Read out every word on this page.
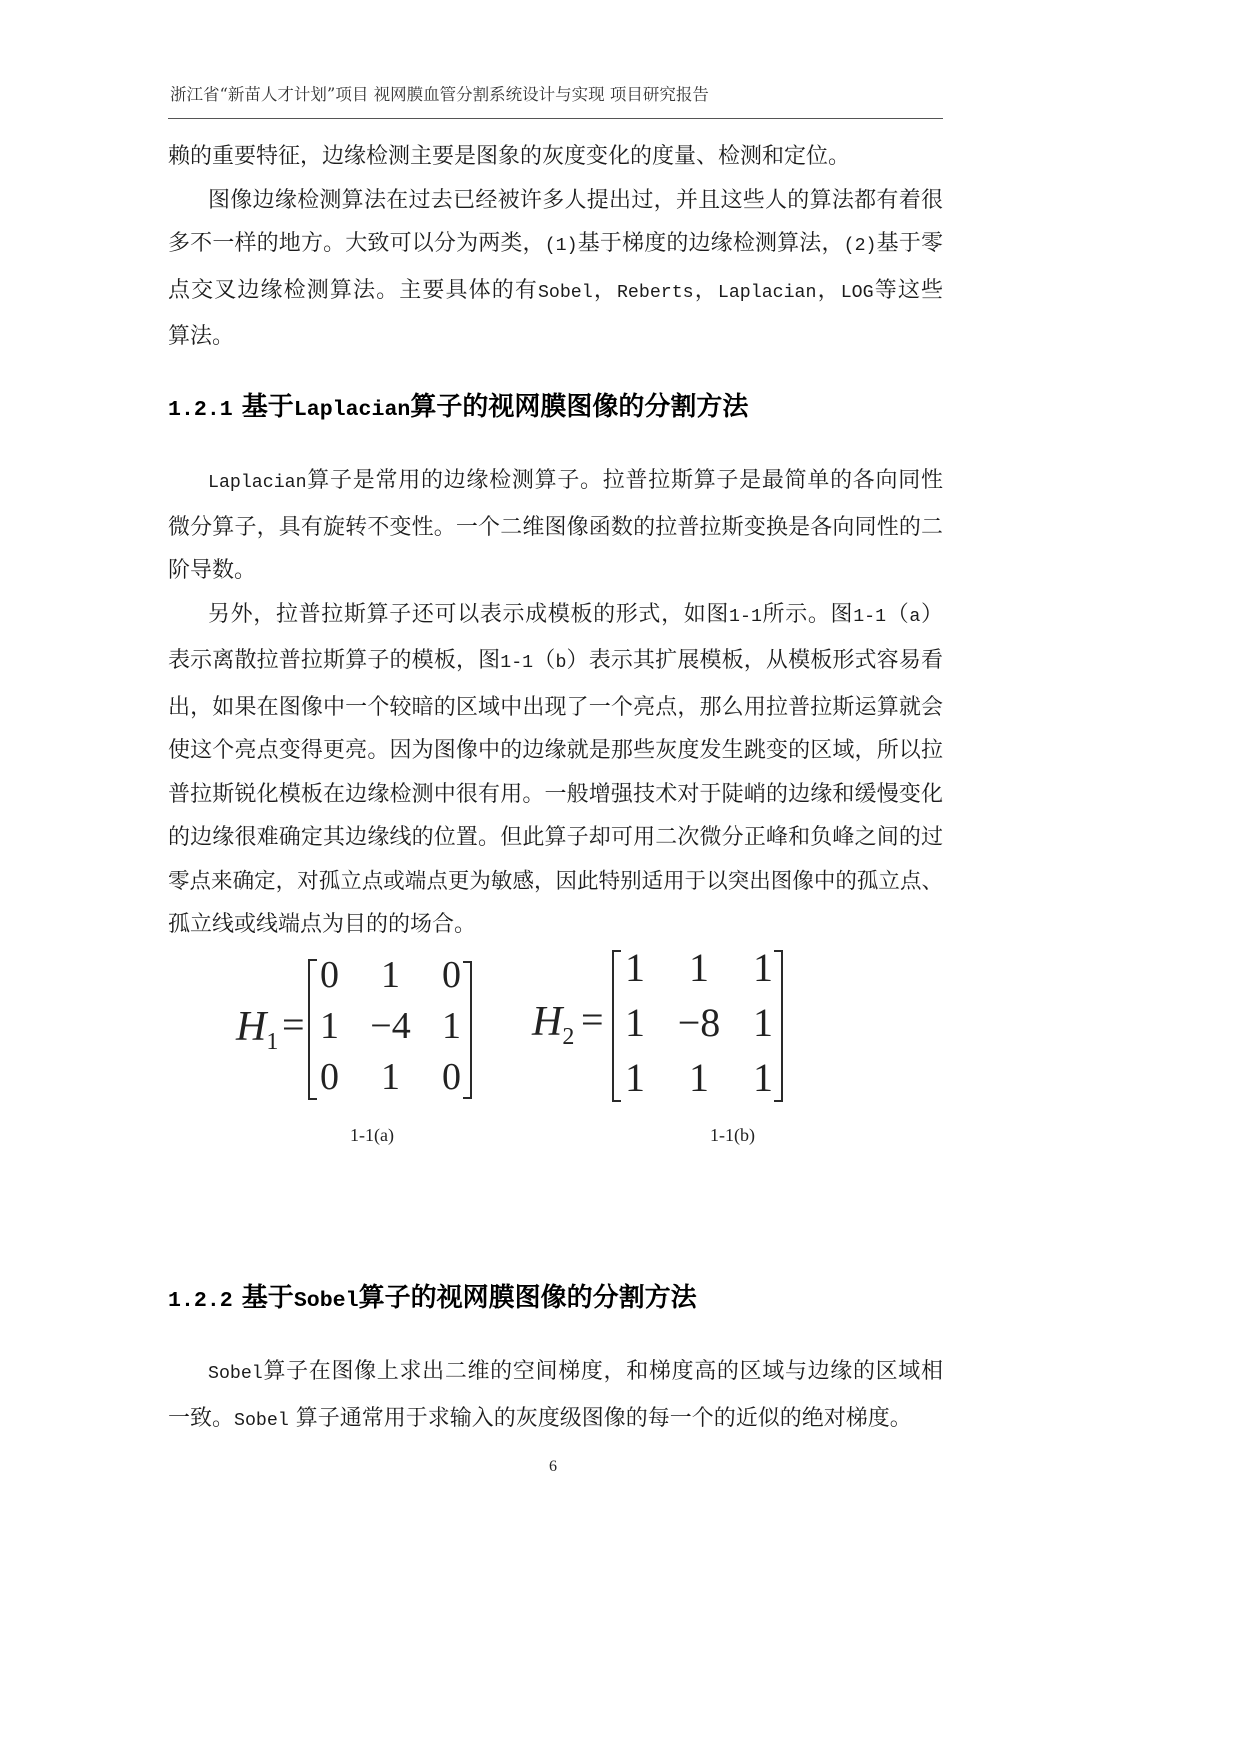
浙江省“新苗人才计划”项目 视网膜血管分割系统设计与实现 项目研究报告
赖的重要特征，边缘检测主要是图象的灰度变化的度量、检测和定位。
图像边缘检测算法在过去已经被许多人提出过，并且这些人的算法都有着很
多不一样的地方。大致可以分为两类，(1)基于梯度的边缘检测算法，(2)基于零
点交叉边缘检测算法。主要具体的有Sobel，Reberts，Laplacian，LOG等这些
算法。
1.2.1 基于Laplacian算子的视网膜图像的分割方法
Laplacian算子是常用的边缘检测算子。拉普拉斯算子是最简单的各向同性
微分算子，具有旋转不变性。一个二维图像函数的拉普拉斯变换是各向同性的二
阶导数。
另外，拉普拉斯算子还可以表示成模板的形式，如图1-1所示。图1-1（a）
表示离散拉普拉斯算子的模板，图1-1（b）表示其扩展模板，从模板形式容易看
出，如果在图像中一个较暗的区域中出现了一个亮点，那么用拉普拉斯运算就会
使这个亮点变得更亮。因为图像中的边缘就是那些灰度发生跳变的区域，所以拉
普拉斯锐化模板在边缘检测中很有用。一般增强技术对于陡峭的边缘和缓慢变化
的边缘很难确定其边缘线的位置。但此算子却可用二次微分正峰和负峰之间的过
零点来确定，对孤立点或端点更为敏感，因此特别适用于以突出图像中的孤立点、
孤立线或线端点为目的的场合。
$H_1$ =
0	1	0
1 −4 1
0	1	0
1-1(a)
$H_2$ =
1	1	1
1 −8 1
1	1	1
1-1(b)
1.2.2 基于Sobel算子的视网膜图像的分割方法
Sobel算子在图像上求出二维的空间梯度，和梯度高的区域与边缘的区域相
一致。Sobel 算子通常用于求输入的灰度级图像的每一个的近似的绝对梯度。
6
